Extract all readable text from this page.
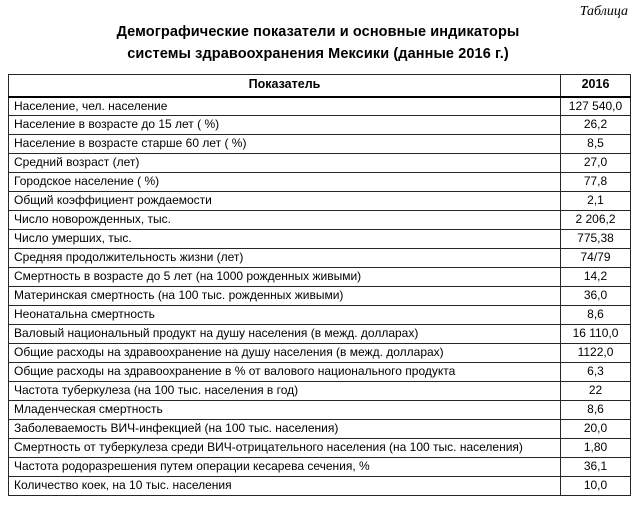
Таблица
Демографические показатели и основные индикаторы
системы здравоохранения Мексики (данные 2016 г.)
Показатель	2016
Население, чел. население	127 540,0
Население в возрасте до 15 лет ( %)	26,2
Население в возрасте старше 60 лет ( %)	8,5
Средний возраст (лет)	27,0
Городское население ( %)	77,8
Общий коэффициент рождаемости	2,1
Число новорожденных, тыс.	2 206,2
Число умерших, тыс.	775,38
Средняя продолжительность жизни (лет)	74/79
Смертность в возрасте до 5 лет (на 1000 рожденных живыми)	14,2
Материнская смертность (на 100 тыс. рожденных живыми)	36,0
Неонатальна смертность	8,6
Валовый национальный продукт на душу населения (в межд. долларах)	16 110,0
Общие расходы на здравоохранение на душу населения (в межд. долларах)	1122,0
Общие расходы на здравоохранение в % от валового национального продукта	6,3
Частота туберкулеза (на 100 тыс. населения в год)	22
Младенческая смертность	8,6
Заболеваемость ВИЧ-инфекцией (на 100 тыс. населения)	20,0
Смертность от туберкулеза среди ВИЧ-отрицательного населения (на 100 тыс. населения)	1,80
Частота родоразрешения путем операции кесарева сечения, %	36,1
Количество коек, на 10 тыс. населения	10,0
